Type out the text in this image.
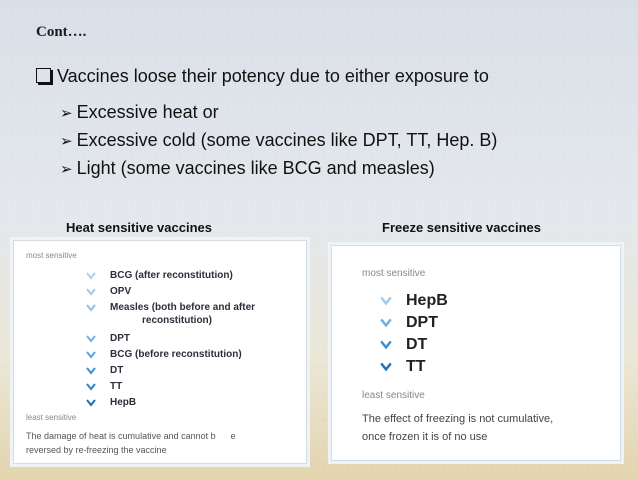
Cont….
Vaccines loose their potency due to either exposure to
➢ Excessive heat or
➢ Excessive cold (some vaccines like DPT, TT, Hep. B)
➢ Light (some vaccines like BCG and measles)
Heat sensitive vaccines	Freeze sensitive vaccines
most sensitive
BCG (after reconstitution)
OPV
Measles (both before and after
reconstitution)
DPT
BCG (before reconstitution)
DT
TT
HepB
least sensitive
The damage of heat is cumulative and cannot b      e
reversed by re-freezing the vaccine
most sensitive
HepB
DPT
DT
TT
least sensitive
The effect of freezing is not cumulative,
once frozen it is of no use
